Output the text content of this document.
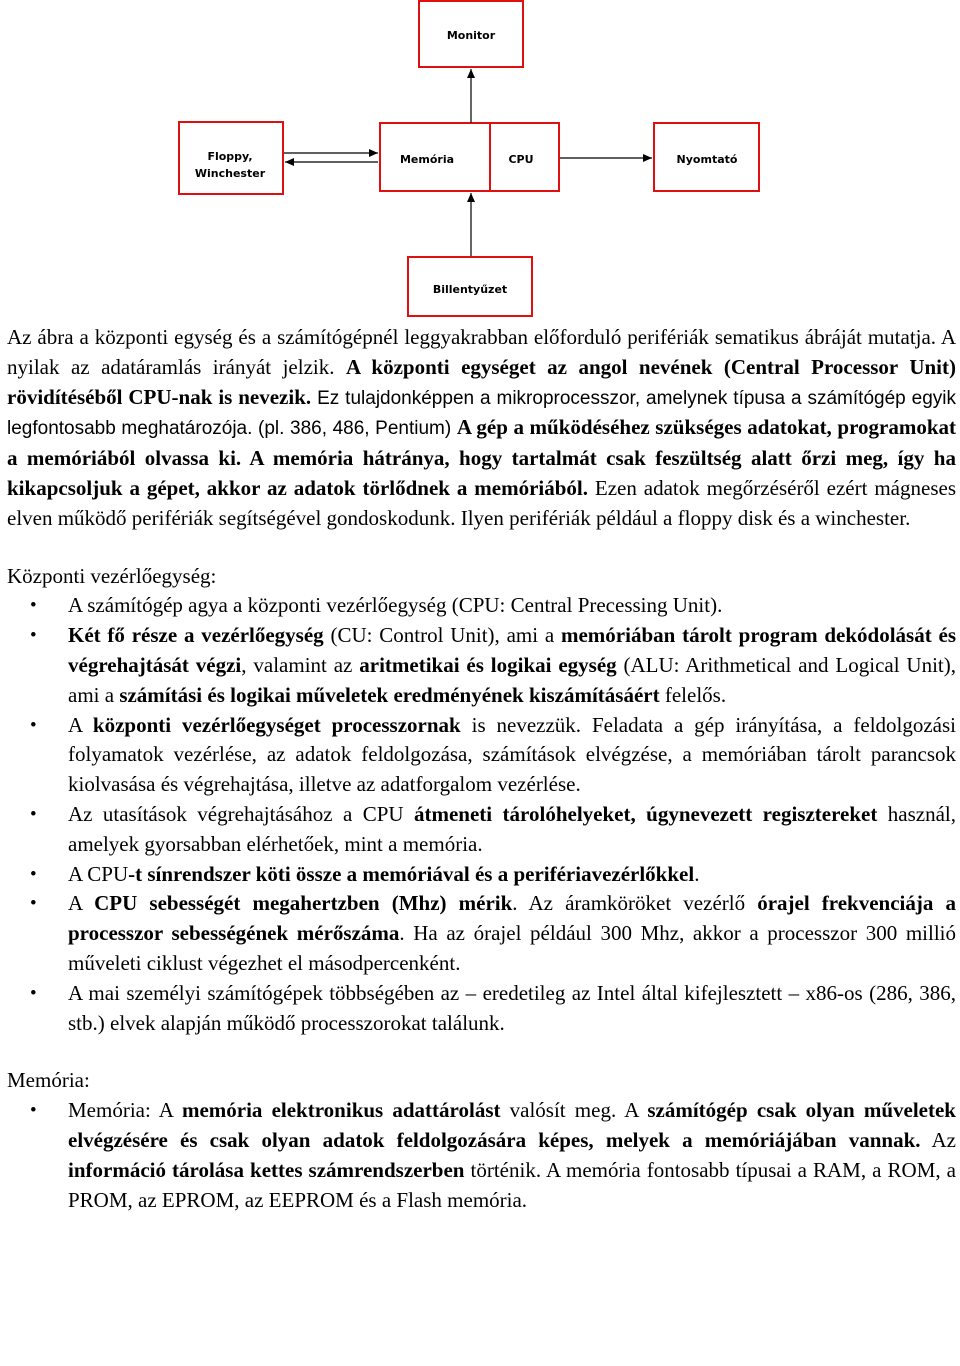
Monitor
Floppy,
Winchester
Memória	CPU	Nyomtató
Billentyűzet

Az ábra a központi egység és a számítógépnél leggyakrabban előforduló perifériák sematikus ábráját mutatja. A nyilak az adatáramlás irányát jelzik. A központi egységet az angol nevének (Central Processor Unit) rövidítéséből CPU-nak is nevezik. Ez tulajdonképpen a mikroprocesszor, amelynek típusa a számítógép egyik legfontosabb meghatározója. (pl. 386, 486, Pentium) A gép a működéséhez szükséges adatokat, programokat a memóriából olvassa ki. A memória hátránya, hogy tartalmát csak feszültség alatt őrzi meg, így ha kikapcsoljuk a gépet, akkor az adatok törlődnek a memóriából. Ezen adatok megőrzéséről ezért mágneses elven működő perifériák segítségével gondoskodunk. Ilyen perifériák például a floppy disk és a winchester.

Központi vezérlőegység:

• A számítógép agya a központi vezérlőegység (CPU: Central Precessing Unit).
• Két fő része a vezérlőegység (CU: Control Unit), ami a memóriában tárolt program dekódolását és végrehajtását végzi, valamint az aritmetikai és logikai egység (ALU: Arithmetical and Logical Unit), ami a számítási és logikai műveletek eredményének kiszámításáért felelős.
• A központi vezérlőegységet processzornak is nevezzük. Feladata a gép irányítása, a feldolgozási folyamatok vezérlése, az adatok feldolgozása, számítások elvégzése, a memóriában tárolt parancsok kiolvasása és végrehajtása, illetve az adatforgalom vezérlése.
• Az utasítások végrehajtásához a CPU átmeneti tárolóhelyeket, úgynevezett regisztereket használ, amelyek gyorsabban elérhetőek, mint a memória.
• A CPU-t sínrendszer köti össze a memóriával és a perifériavezérlőkkel.
• A CPU sebességét megahertzben (Mhz) mérik. Az áramköröket vezérlő órajel frekvenciája a processzor sebességének mérőszáma. Ha az órajel például 300 Mhz, akkor a processzor 300 millió műveleti ciklust végezhet el másodpercenként.
• A mai személyi számítógépek többségében az – eredetileg az Intel által kifejlesztett – x86-os (286, 386, stb.) elvek alapján működő processzorokat találunk.

Memória:

• Memória: A memória elektronikus adattárolást valósít meg. A számítógép csak olyan műveletek elvégzésére és csak olyan adatok feldolgozására képes, melyek a memóriájában vannak. Az információ tárolása kettes számrendszerben történik. A memória fontosabb típusai a RAM, a ROM, a PROM, az EPROM, az EEPROM és a Flash memória.
